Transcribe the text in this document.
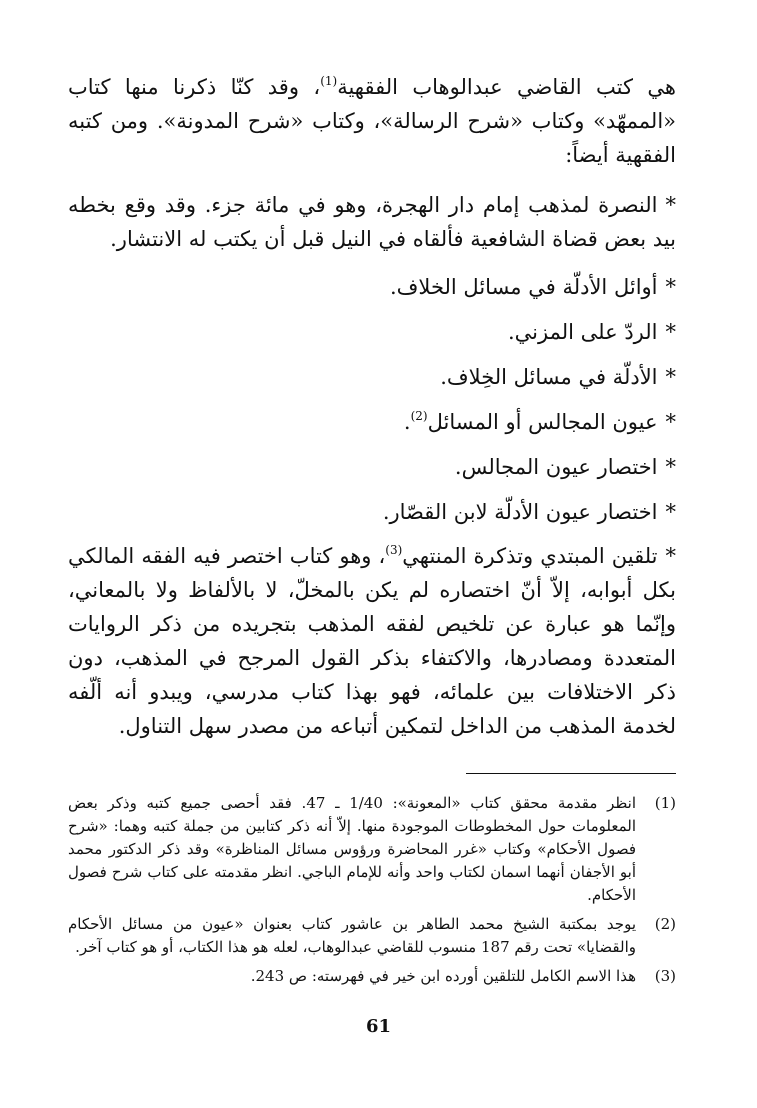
هي كتب القاضي عبدالوهاب الفقهية$^{(1)}$، وقد كنّا ذكرنا منها كتاب «الممهّد» وكتاب «شرح الرسالة»، وكتاب «شرح المدونة». ومن كتبه الفقهية أيضاً:

*النصرة لمذهب إمام دار الهجرة، وهو في مائة جزء. وقد وقع بخطه بيد بعض قضاة الشافعية فألقاه في النيل قبل أن يكتب له الانتشار.

*أوائل الأدلّة في مسائل الخلاف.

*الردّ على المزني.

*الأدلّة في مسائل الخِلاف.

*عيون المجالس أو المسائل$^{(2)}$.

*اختصار عيون المجالس.

*اختصار عيون الأدلّة لابن القصّار.

*تلقين المبتدي وتذكرة المنتهي$^{(3)}$، وهو كتاب اختصر فيه الفقه المالكي بكل أبوابه، إلاّ أنّ اختصاره لم يكن بالمخلّ، لا بالألفاظ ولا بالمعاني، وإنّما هو عبارة عن تلخيص لفقه المذهب بتجريده من ذكر الروايات المتعددة ومصادرها، والاكتفاء بذكر القول المرجح في المذهب، دون ذكر الاختلافات بين علمائه، فهو بهذا كتاب مدرسي، ويبدو أنه ألّفه لخدمة المذهب من الداخل لتمكين أتباعه من مصدر سهل التناول.

(1)
انظر مقدمة محقق كتاب «المعونة»: 1/40 ـ 47. فقد أحصى جميع كتبه وذكر بعض المعلومات حول المخطوطات الموجودة منها. إلاّ أنه ذكر كتابين من جملة كتبه وهما: «شرح فصول الأحكام» وكتاب «غرر المحاضرة ورؤوس مسائل المناظرة» وقد ذكر الدكتور محمد أبو الأجفان أنهما اسمان لكتاب واحد وأنه للإمام الباجي. انظر مقدمته على كتاب شرح فصول الأحكام.
(2)
يوجد بمكتبة الشيخ محمد الطاهر بن عاشور كتاب بعنوان «عيون من مسائل الأحكام والقضايا» تحت رقم 187 منسوب للقاضي عبدالوهاب، لعله هو هذا الكتاب، أو هو كتاب آخر.
(3)
هذا الاسم الكامل للتلقين أورده ابن خير في فهرسته: ص 243.
61
